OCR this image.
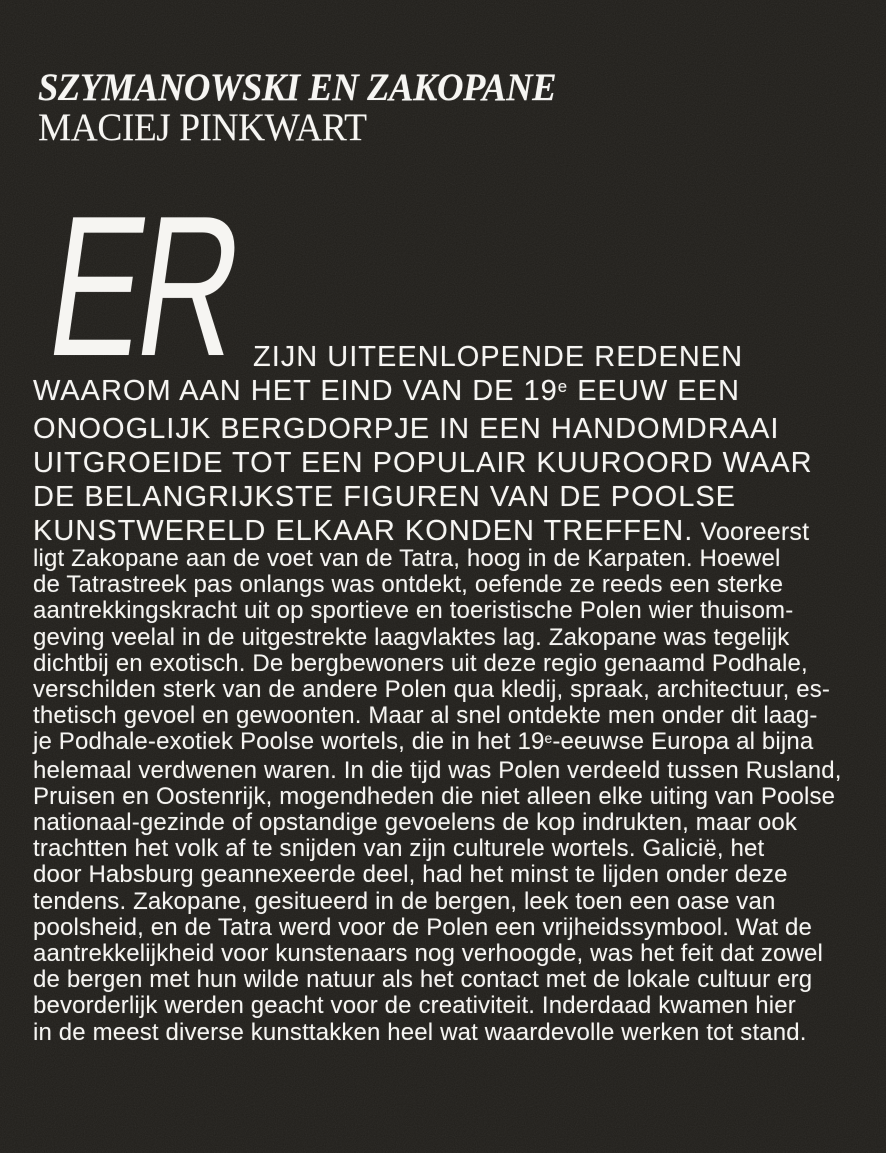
SZYMANOWSKI EN ZAKOPANE
MACIEJ PINKWART
ER ZIJN UITEENLOPENDE REDENEN
WAAROM AAN HET EIND VAN DE 19e EEUW EEN
ONOOGLIJK BERGDORPJE IN EEN HANDOMDRAAI
UITGROEIDE TOT EEN POPULAIR KUUROORD WAAR
DE BELANGRIJKSTE FIGUREN VAN DE POOLSE
KUNSTWERELD ELKAAR KONDEN TREFFEN. Vooreerst
ligt Zakopane aan de voet van de Tatra, hoog in de Karpaten. Hoewel
de Tatrastreek pas onlangs was ontdekt, oefende ze reeds een sterke
aantrekkingskracht uit op sportieve en toeristische Polen wier thuisom-
geving veelal in de uitgestrekte laagvlaktes lag. Zakopane was tegelijk
dichtbij en exotisch. De bergbewoners uit deze regio genaamd Podhale,
verschilden sterk van de andere Polen qua kledij, spraak, architectuur, es-
thetisch gevoel en gewoonten. Maar al snel ontdekte men onder dit laag-
je Podhale-exotiek Poolse wortels, die in het 19e-eeuwse Europa al bijna
helemaal verdwenen waren. In die tijd was Polen verdeeld tussen Rusland,
Pruisen en Oostenrijk, mogendheden die niet alleen elke uiting van Poolse
nationaal-gezinde of opstandige gevoelens de kop indrukten, maar ook
trachtten het volk af te snijden van zijn culturele wortels. Galicië, het
door Habsburg geannexeerde deel, had het minst te lijden onder deze
tendens. Zakopane, gesitueerd in de bergen, leek toen een oase van
poolsheid, en de Tatra werd voor de Polen een vrijheidssymbool. Wat de
aantrekkelijkheid voor kunstenaars nog verhoogde, was het feit dat zowel
de bergen met hun wilde natuur als het contact met de lokale cultuur erg
bevorderlijk werden geacht voor de creativiteit. Inderdaad kwamen hier
in de meest diverse kunsttakken heel wat waardevolle werken tot stand.
